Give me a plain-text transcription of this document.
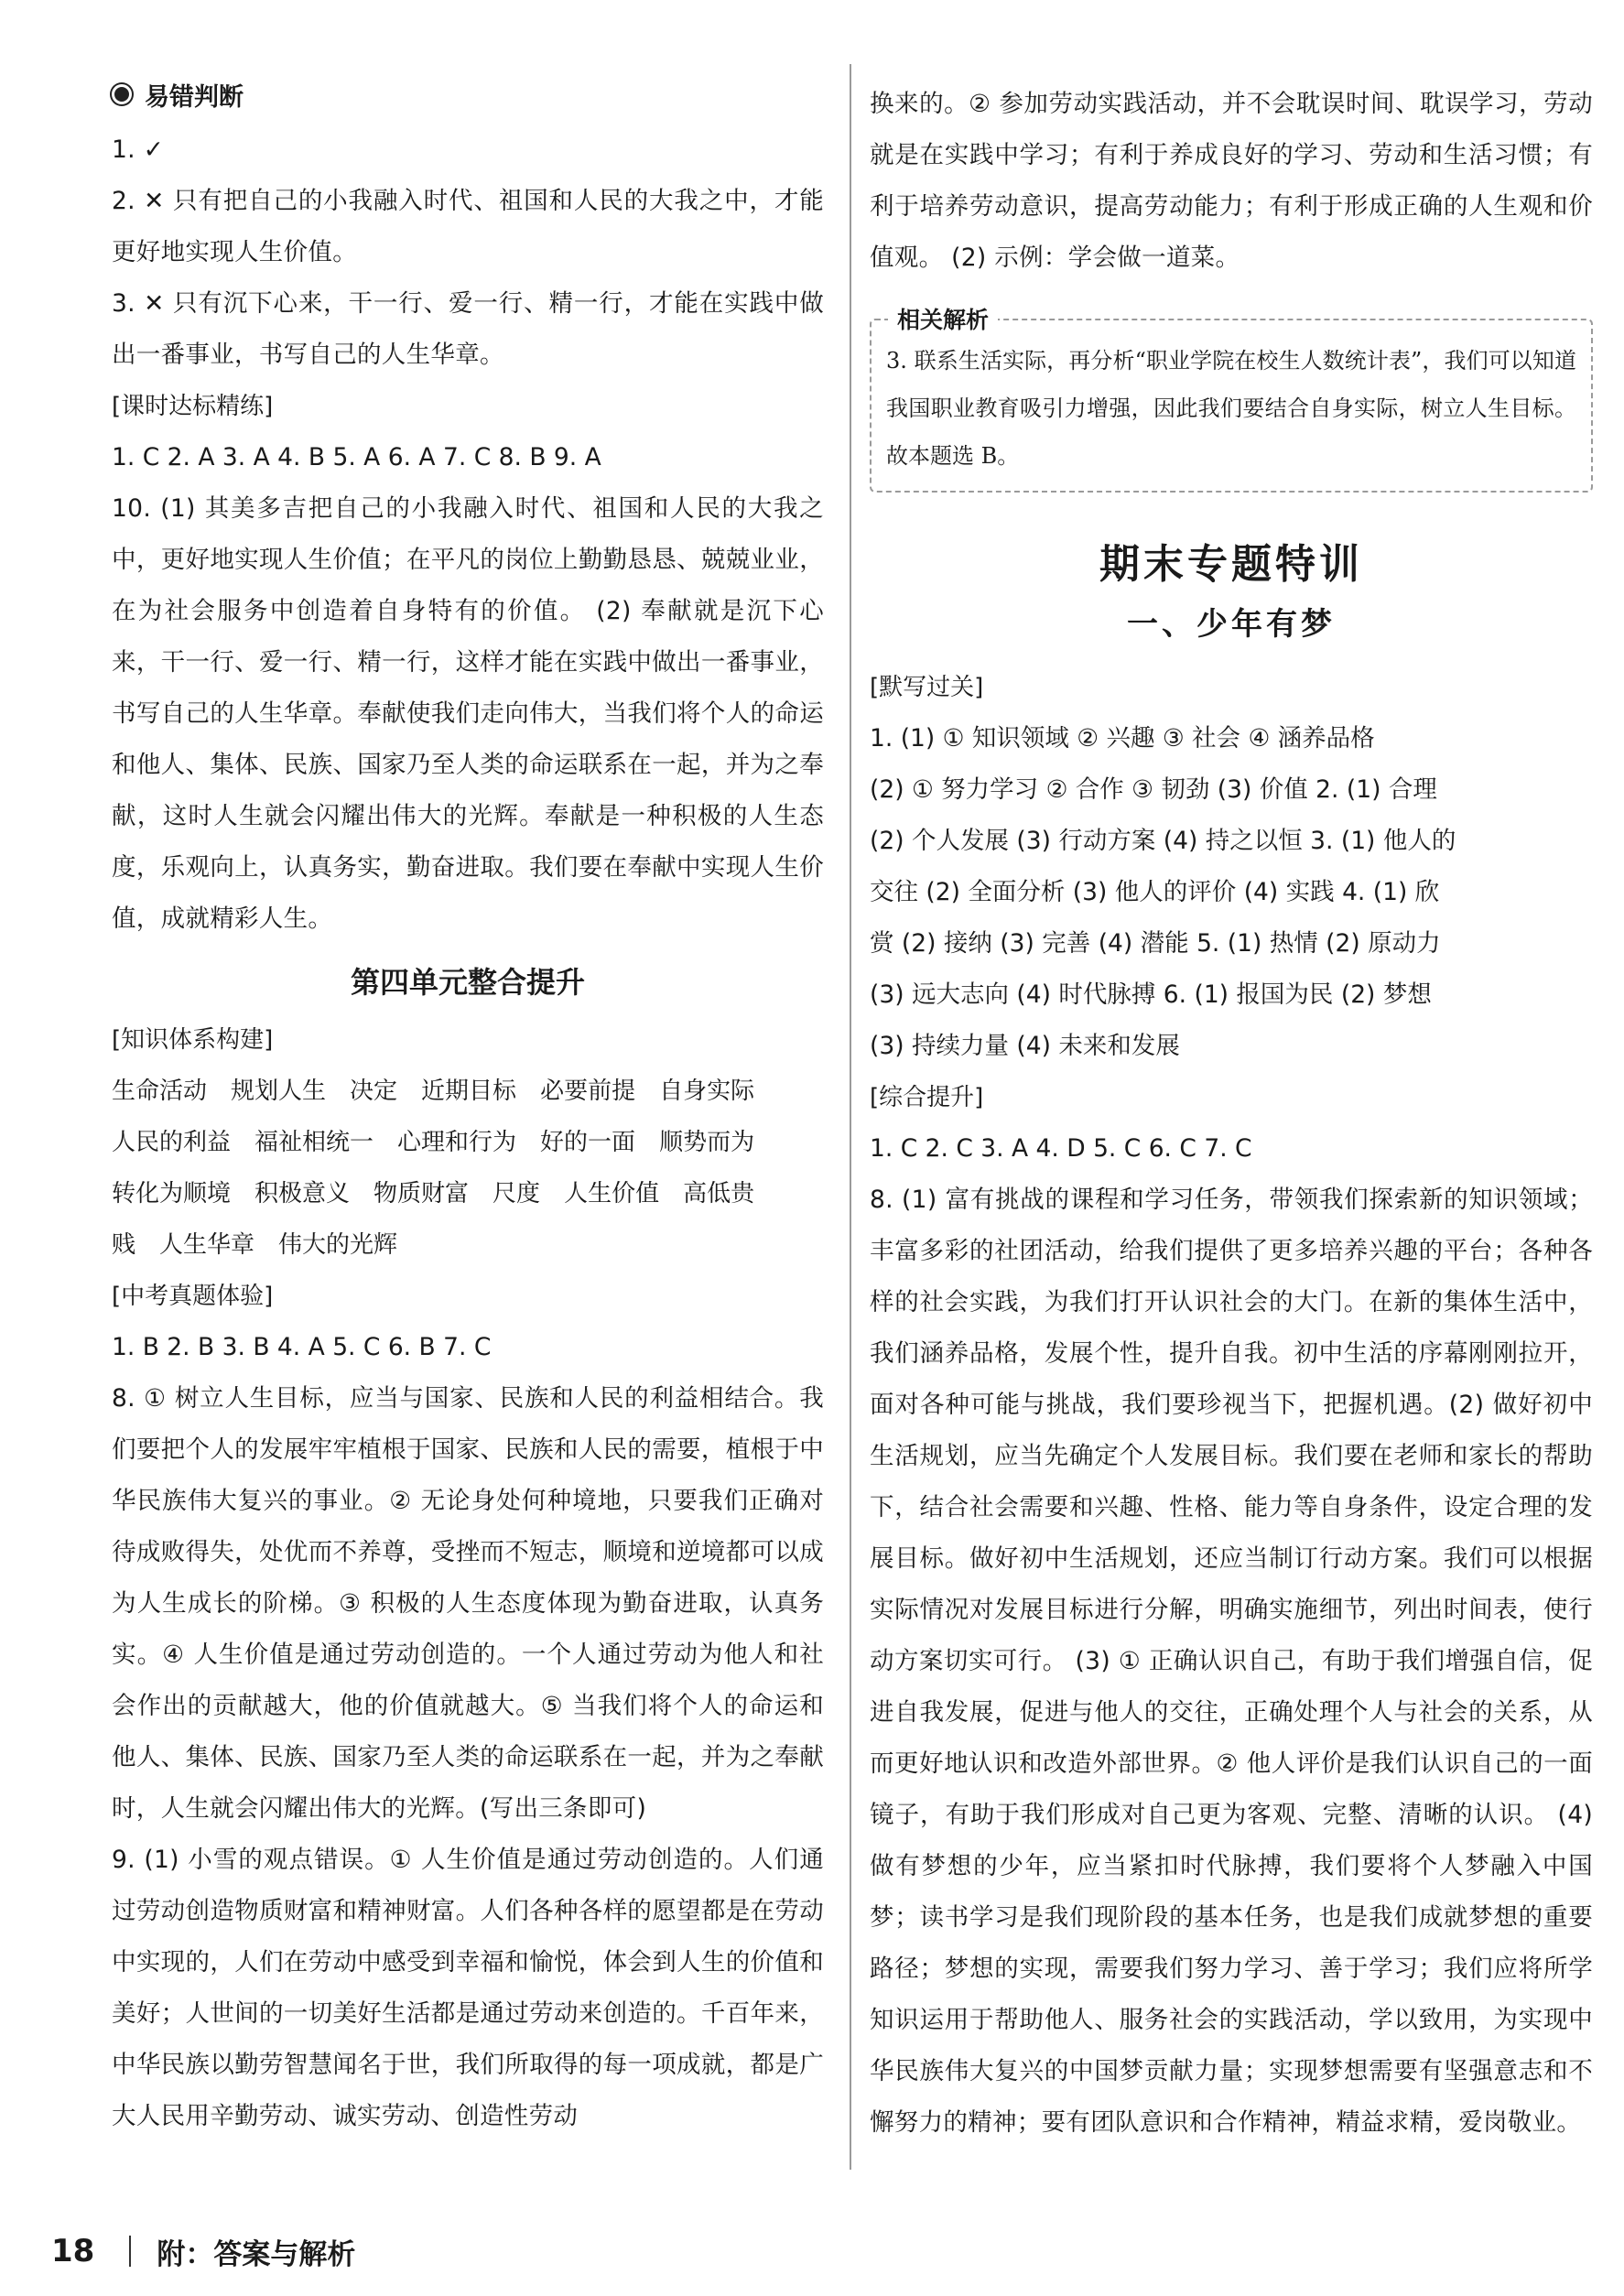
易错判断

1. ✓

2. ✕ 只有把自己的小我融入时代、祖国和人民的大我之中，才能更好地实现人生价值。

3. ✕ 只有沉下心来，干一行、爱一行、精一行，才能在实践中做出一番事业，书写自己的人生华章。

[ 课时达标精练 ]

1. C 2. A 3. A 4. B 5. A 6. A 7. C 8. B 9. A

10. (1) 其美多吉把自己的小我融入时代、祖国和人民的大我之中，更好地实现人生价值；在平凡的岗位上勤勤恳恳、兢兢业业，在为社会服务中创造着自身特有的价值。 (2) 奉献就是沉下心来，干一行、爱一行、精一行，这样才能在实践中做出一番事业，书写自己的人生华章。奉献使我们走向伟大，当我们将个人的命运和他人、集体、民族、国家乃至人类的命运联系在一起，并为之奉献，这时人生就会闪耀出伟大的光辉。奉献是一种积极的人生态度，乐观向上，认真务实，勤奋进取。我们要在奉献中实现人生价值，成就精彩人生。

第四单元整合提升

[ 知识体系构建 ]

生命活动 规划人生 决定 近期目标 必要前提 自身实际

人民的利益 福祉相统一 心理和行为 好的一面 顺势而为

转化为顺境 积极意义 物质财富 尺度 人生价值 高低贵

贱 人生华章 伟大的光辉

[ 中考真题体验 ]

1. B 2. B 3. B 4. A 5. C 6. B 7. C

8. ① 树立人生目标，应当与国家、民族和人民的利益相结合。我们要把个人的发展牢牢植根于国家、民族和人民的需要，植根于中华民族伟大复兴的事业。② 无论身处何种境地，只要我们正确对待成败得失，处优而不养尊，受挫而不短志，顺境和逆境都可以成为人生成长的阶梯。③ 积极的人生态度体现为勤奋进取，认真务实。④ 人生价值是通过劳动创造的。一个人通过劳动为他人和社会作出的贡献越大，他的价值就越大。⑤ 当我们将个人的命运和他人、集体、民族、国家乃至人类的命运联系在一起，并为之奉献时，人生就会闪耀出伟大的光辉。(写出三条即可)

9. (1) 小雪的观点错误。① 人生价值是通过劳动创造的。人们通过劳动创造物质财富和精神财富。人们各种各样的愿望都是在劳动中实现的，人们在劳动中感受到幸福和愉悦，体会到人生的价值和美好；人世间的一切美好生活都是通过劳动来创造的。千百年来，中华民族以勤劳智慧闻名于世，我们所取得的每一项成就，都是广大人民用辛勤劳动、诚实劳动、创造性劳动

换来的。② 参加劳动实践活动，并不会耽误时间、耽误学习，劳动就是在实践中学习；有利于养成良好的学习、劳动和生活习惯；有利于培养劳动意识，提高劳动能力；有利于形成正确的人生观和价值观。 (2) 示例：学会做一道菜。

相关解析

3. 联系生活实际，再分析“职业学院在校生人数统计表”，我们可以知道我国职业教育吸引力增强，因此我们要结合自身实际，树立人生目标。故本题选 B。

期末专题特训
一、少年有梦

[ 默写过关 ]

1. (1) ① 知识领域 ② 兴趣 ③ 社会 ④ 涵养品格

(2) ① 努力学习 ② 合作 ③ 韧劲 (3) 价值 2. (1) 合理

(2) 个人发展 (3) 行动方案 (4) 持之以恒 3. (1) 他人的

交往 (2) 全面分析 (3) 他人的评价 (4) 实践 4. (1) 欣

赏 (2) 接纳 (3) 完善 (4) 潜能 5. (1) 热情 (2) 原动力

(3) 远大志向 (4) 时代脉搏 6. (1) 报国为民 (2) 梦想

(3) 持续力量 (4) 未来和发展

[ 综合提升 ]

1. C 2. C 3. A 4. D 5. C 6. C 7. C

8. (1) 富有挑战的课程和学习任务，带领我们探索新的知识领域；丰富多彩的社团活动，给我们提供了更多培养兴趣的平台；各种各样的社会实践，为我们打开认识社会的大门。在新的集体生活中，我们涵养品格，发展个性，提升自我。初中生活的序幕刚刚拉开，面对各种可能与挑战，我们要珍视当下，把握机遇。(2) 做好初中生活规划，应当先确定个人发展目标。我们要在老师和家长的帮助下，结合社会需要和兴趣、性格、能力等自身条件，设定合理的发展目标。做好初中生活规划，还应当制订行动方案。我们可以根据实际情况对发展目标进行分解，明确实施细节，列出时间表，使行动方案切实可行。 (3) ① 正确认识自己，有助于我们增强自信，促进自我发展，促进与他人的交往，正确处理个人与社会的关系，从而更好地认识和改造外部世界。② 他人评价是我们认识自己的一面镜子，有助于我们形成对自己更为客观、完整、清晰的认识。 (4) 做有梦想的少年，应当紧扣时代脉搏，我们要将个人梦融入中国梦；读书学习是我们现阶段的基本任务，也是我们成就梦想的重要路径；梦想的实现，需要我们努力学习、善于学习；我们应将所学知识运用于帮助他人、服务社会的实践活动，学以致用，为实现中华民族伟大复兴的中国梦贡献力量；实现梦想需要有坚强意志和不懈努力的精神；要有团队意识和合作精神，精益求精，爱岗敬业。

18 附：答案与解析
